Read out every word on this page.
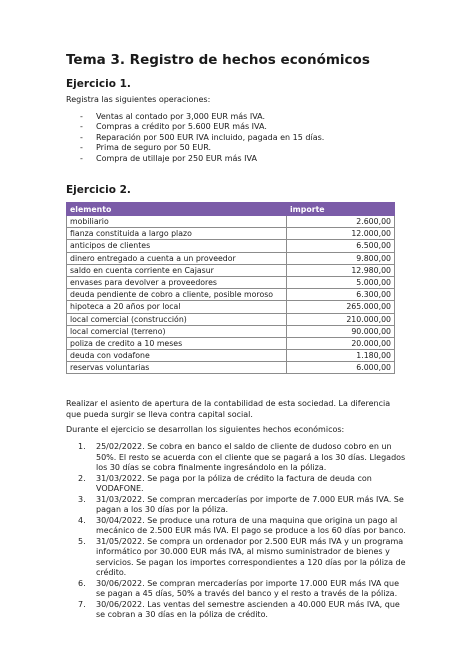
Tema 3. Registro de hechos económicos
Ejercicio 1.
Registra las siguientes operaciones:
- Ventas al contado por 3,000 EUR más IVA.
- Compras a crédito por 5.600 EUR más IVA.
- Reparación por 500 EUR IVA incluido, pagada en 15 días.
- Prima de seguro por 50 EUR.
- Compra de utillaje por 250 EUR más IVA
Ejercicio 2.
elemento	importe
mobiliario	2.600,00
fianza constituida a largo plazo	12.000,00
anticipos de clientes	6.500,00
dinero entregado a cuenta a un proveedor	9.800,00
saldo en cuenta corriente en Cajasur	12.980,00
envases para devolver a proveedores	5.000,00
deuda pendiente de cobro a cliente, posible moroso	6.300,00
hipoteca a 20 años por local	265.000,00
local comercial (construcción)	210.000,00
local comercial (terreno)	90.000,00
poliza de credito a 10 meses	20.000,00
deuda con vodafone	1.180,00
reservas voluntarias	6.000,00
Realizar el asiento de apertura de la contabilidad de esta sociedad. La diferencia que pueda surgir se lleva contra capital social.
Durante el ejercicio se desarrollan los siguientes hechos económicos:
1. 25/02/2022. Se cobra en banco el saldo de cliente de dudoso cobro en un 50%. El resto se acuerda con el cliente que se pagará a los 30 días. Llegados los 30 días se cobra finalmente ingresándolo en la póliza.
2. 31/03/2022. Se paga por la póliza de crédito la factura de deuda con VODAFONE.
3. 31/03/2022. Se compran mercaderías por importe de 7.000 EUR más IVA. Se pagan a los 30 días por la póliza.
4. 30/04/2022. Se produce una rotura de una maquina que origina un pago al mecánico de 2.500 EUR más IVA. El pago se produce a los 60 días por banco.
5. 31/05/2022. Se compra un ordenador por 2.500 EUR más IVA y un programa informático por 30.000 EUR más IVA, al mismo suministrador de bienes y servicios. Se pagan los importes correspondientes a 120 días por la póliza de crédito.
6. 30/06/2022. Se compran mercaderías por importe 17.000 EUR más IVA que se pagan a 45 días, 50% a través del banco y el resto a través de la póliza.
7. 30/06/2022. Las ventas del semestre ascienden a 40.000 EUR más IVA, que se cobran a 30 días en la póliza de crédito.
